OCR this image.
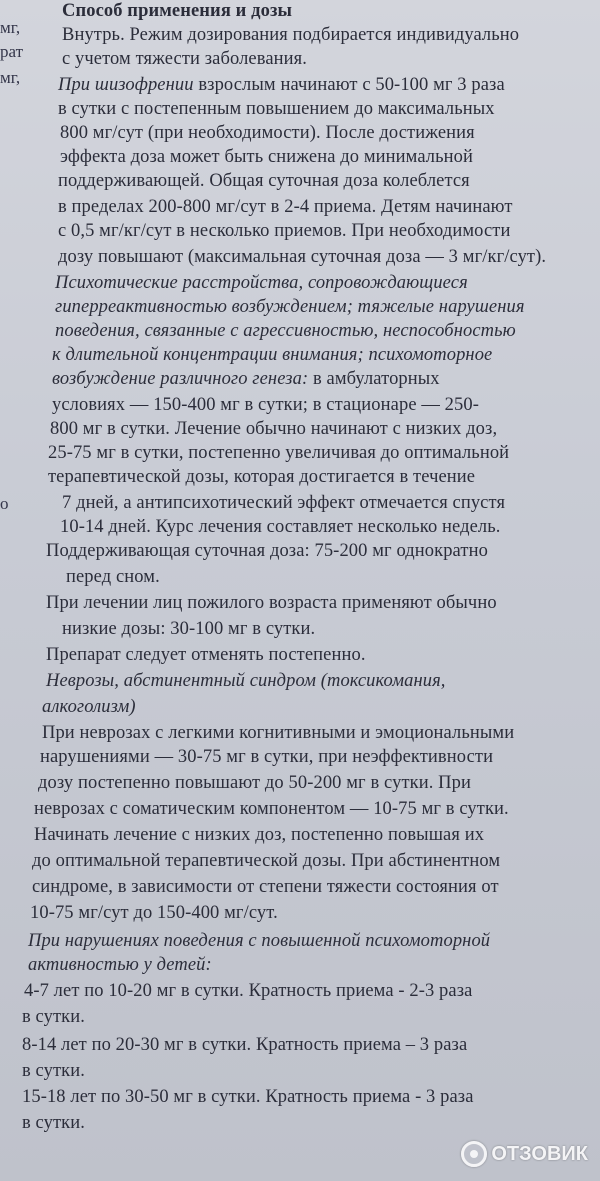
мг,
рат
мг,
о
Способ применения и дозы
Внутрь. Режим дозирования подбирается индивидуально
с учетом тяжести заболевания.
При шизофрении взрослым начинают с 50-100 мг 3 раза
в сутки с постепенным повышением до максимальных
800 мг/сут (при необходимости). После достижения
эффекта доза может быть снижена до минимальной
поддерживающей. Общая суточная доза колеблется
в пределах 200-800 мг/сут в 2-4 приема. Детям начинают
с 0,5 мг/кг/сут в несколько приемов. При необходимости
дозу повышают (максимальная суточная доза — 3 мг/кг/сут).
Психотические расстройства, сопровождающиеся
гиперреактивностью возбуждением; тяжелые нарушения
поведения, связанные с агрессивностью, неспособностью
к длительной концентрации внимания; психомоторное
возбуждение различного генеза: в амбулаторных
условиях — 150-400 мг в сутки; в стационаре — 250-
800 мг в сутки. Лечение обычно начинают с низких доз,
25-75 мг в сутки, постепенно увеличивая до оптимальной
терапевтической дозы, которая достигается в течение
7 дней, а антипсихотический эффект отмечается спустя
10-14 дней. Курс лечения составляет несколько недель.
Поддерживающая суточная доза: 75-200 мг однократно
перед сном.
При лечении лиц пожилого возраста применяют обычно
низкие дозы: 30-100 мг в сутки.
Препарат следует отменять постепенно.
Неврозы, абстинентный синдром (токсикомания,
алкоголизм)
При неврозах с легкими когнитивными и эмоциональными
нарушениями — 30-75 мг в сутки, при неэффективности
дозу постепенно повышают до 50-200 мг в сутки. При
неврозах с соматическим компонентом — 10-75 мг в сутки.
Начинать лечение с низких доз, постепенно повышая их
до оптимальной терапевтической дозы. При абстинентном
синдроме, в зависимости от степени тяжести состояния от
10-75 мг/сут до 150-400 мг/сут.
При нарушениях поведения с повышенной психомоторной
активностью у детей:
4-7 лет по 10-20 мг в сутки. Кратность приема - 2-3 раза
в сутки.
8-14 лет по 20-30 мг в сутки. Кратность приема – 3 раза
в сутки.
15-18 лет по 30-50 мг в сутки. Кратность приема - 3 раза
в сутки.
ОТЗОВИК
